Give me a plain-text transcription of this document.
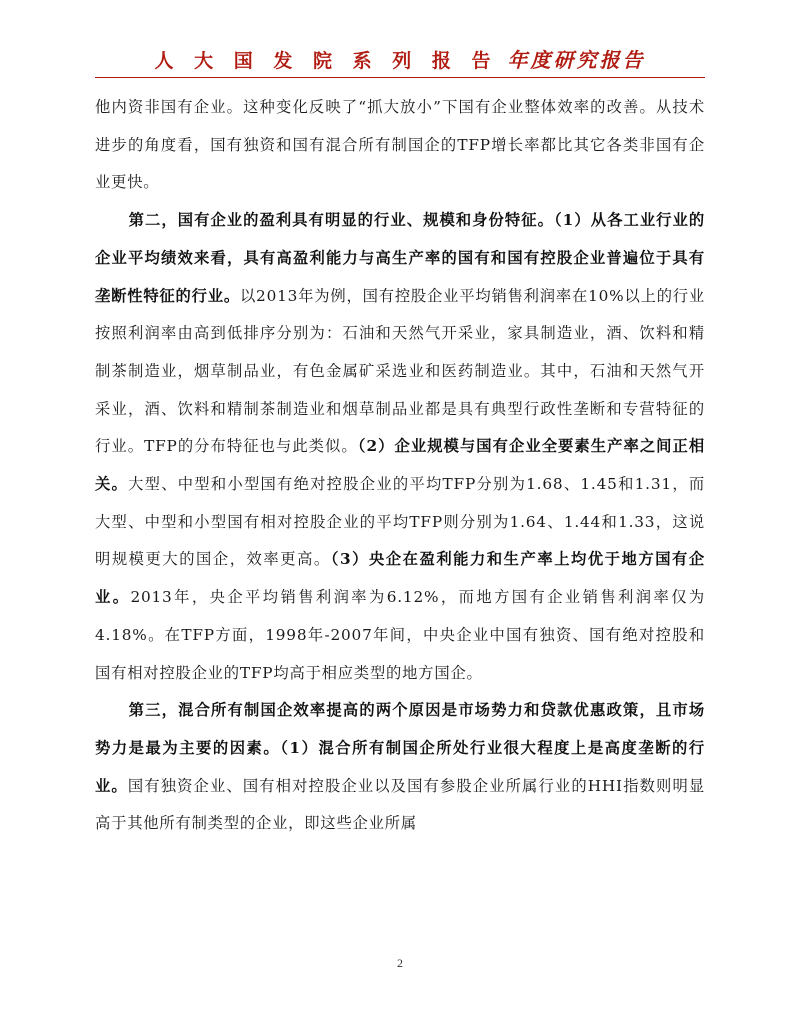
人 大 国 发 院 系 列 报 告 年度研究报告

他内资非国有企业。这种变化反映了“抓大放小”下国有企业整体效率的改善。从技术进步的角度看，国有独资和国有混合所有制国企的TFP增长率都比其它各类非国有企业更快。

第二，国有企业的盈利具有明显的行业、规模和身份特征。（1）从各工业行业的企业平均绩效来看，具有高盈利能力与高生产率的国有和国有控股企业普遍位于具有垄断性特征的行业。以2013年为例，国有控股企业平均销售利润率在10%以上的行业按照利润率由高到低排序分别为：石油和天然气开采业，家具制造业，酒、饮料和精制茶制造业，烟草制品业，有色金属矿采选业和医药制造业。其中，石油和天然气开采业，酒、饮料和精制茶制造业和烟草制品业都是具有典型行政性垄断和专营特征的行业。TFP的分布特征也与此类似。（2）企业规模与国有企业全要素生产率之间正相关。大型、中型和小型国有绝对控股企业的平均TFP分别为1.68、1.45和1.31，而大型、中型和小型国有相对控股企业的平均TFP则分别为1.64、1.44和1.33，这说明规模更大的国企，效率更高。（3）央企在盈利能力和生产率上均优于地方国有企业。2013年，央企平均销售利润率为6.12%，而地方国有企业销售利润率仅为4.18%。在TFP方面，1998年-2007年间，中央企业中国有独资、国有绝对控股和国有相对控股企业的TFP均高于相应类型的地方国企。

第三，混合所有制国企效率提高的两个原因是市场势力和贷款优惠政策，且市场势力是最为主要的因素。（1）混合所有制国企所处行业很大程度上是高度垄断的行业。国有独资企业、国有相对控股企业以及国有参股企业所属行业的HHI指数则明显高于其他所有制类型的企业，即这些企业所属

2
